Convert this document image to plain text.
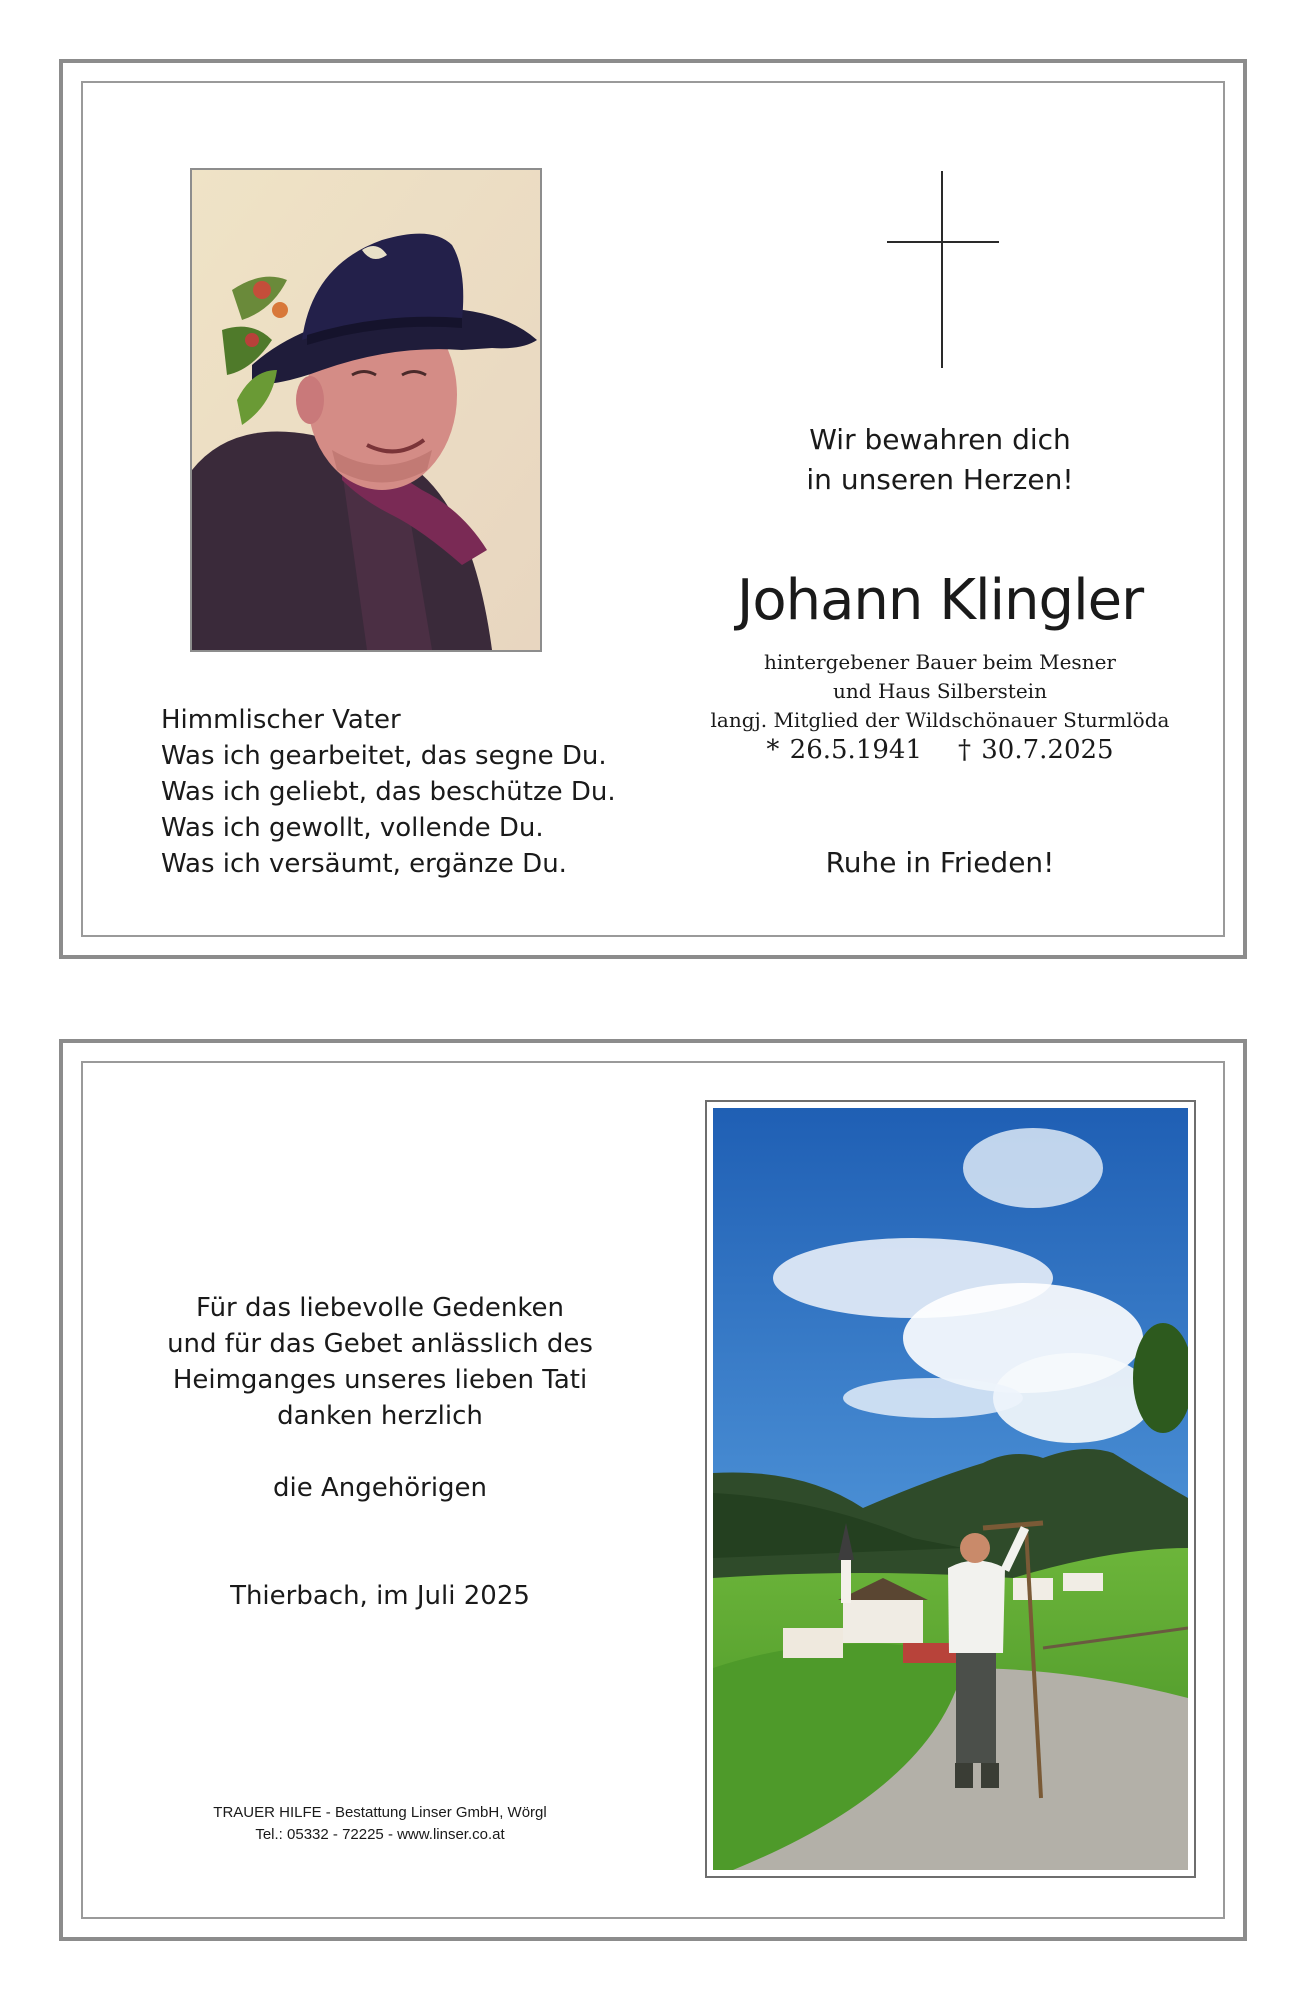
Wir bewahren dich
in unseren Herzen!
Johann Klingler
hintergebener Bauer beim Mesner
und Haus Silberstein
langj. Mitglied der Wildschönauer Sturmlöda
* 26.5.1941 † 30.7.2025
Ruhe in Frieden!
Himmlischer Vater
Was ich gearbeitet, das segne Du.
Was ich geliebt, das beschütze Du.
Was ich gewollt, vollende Du.
Was ich versäumt, ergänze Du.
Für das liebevolle Gedenken
und für das Gebet anlässlich des
Heimganges unseres lieben Tati
danken herzlich
die Angehörigen
Thierbach, im Juli 2025
TRAUER HILFE - Bestattung Linser GmbH, Wörgl
Tel.: 05332 - 72225 - www.linser.co.at
